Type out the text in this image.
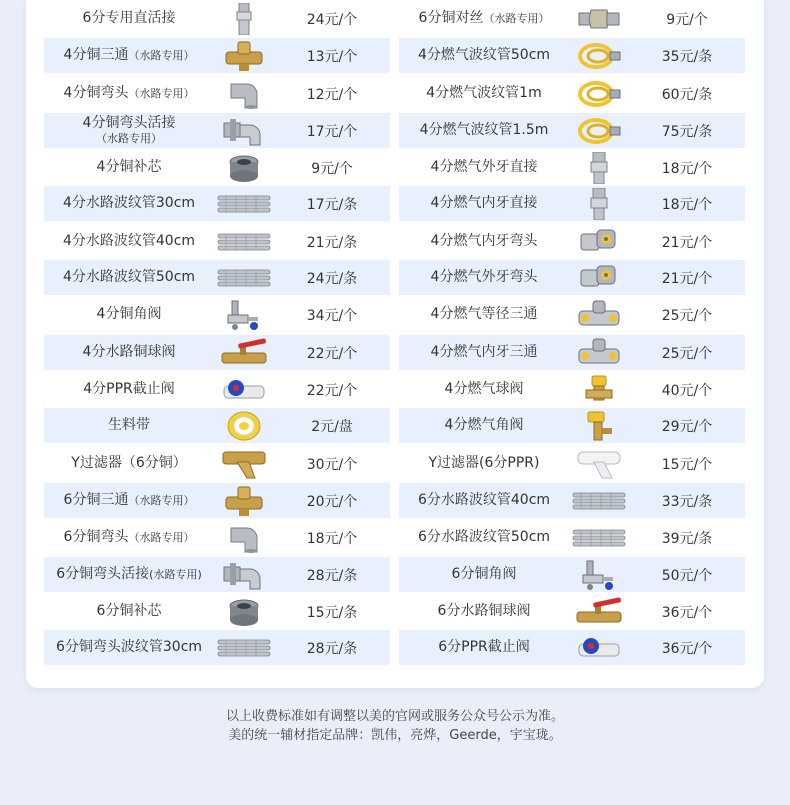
6分专用直活接	24元/个
4分铜三通（水路专用）	13元/个
4分铜弯头（水路专用）	12元/个
4分铜弯头活接
（水路专用）	17元/个
4分铜补芯	9元/个
4分水路波纹管30cm	17元/条
4分水路波纹管40cm	21元/条
4分水路波纹管50cm	24元/条
4分铜角阀	34元/个
4分水路铜球阀	22元/个
4分PPR截止阀	22元/个
生料带	2元/盘
Y过滤器（6分铜）	30元/个
6分铜三通（水路专用）	20元/个
6分铜弯头（水路专用）	18元/个
6分铜弯头活接(水路专用)	28元/条
6分铜补芯	15元/条
6分铜弯头波纹管30cm	28元/条
6分铜对丝（水路专用）	9元/个
4分燃气波纹管50cm	35元/条
4分燃气波纹管1m	60元/条
4分燃气波纹管1.5m	75元/条
4分燃气外牙直接	18元/个
4分燃气内牙直接	18元/个
4分燃气内牙弯头	21元/个
4分燃气外牙弯头	21元/个
4分燃气等径三通	25元/个
4分燃气内牙三通	25元/个
4分燃气球阀	40元/个
4分燃气角阀	29元/个
Y过滤器(6分PPR)	15元/个
6分水路波纹管40cm	33元/条
6分水路波纹管50cm	39元/条
6分铜角阀	50元/个
6分水路铜球阀	36元/个
6分PPR截止阀	36元/个
以上收费标准如有调整以美的官网或服务公众号公示为准。
美的统一辅材指定品牌：凯伟，亮烨，Geerde，宇宝珑。
